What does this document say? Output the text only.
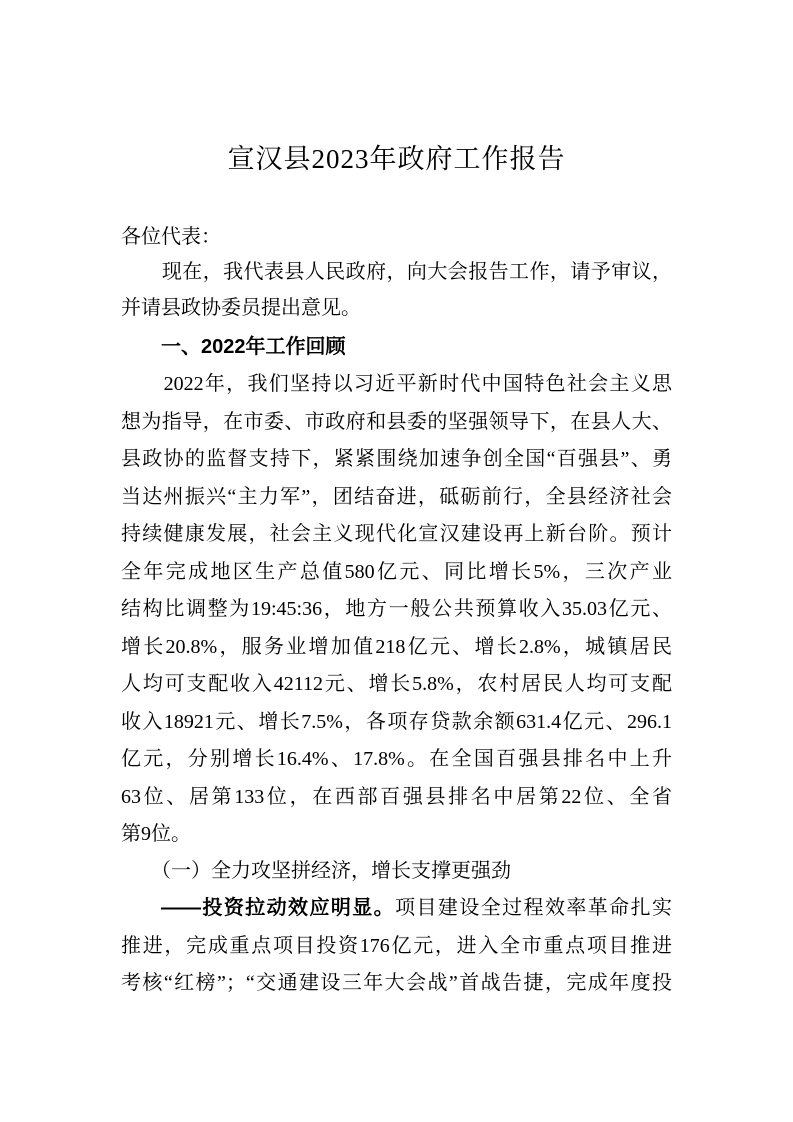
宣汉县2023年政府工作报告
各位代表：
　　现在，我代表县人民政府，向大会报告工作，请予审议，
并请县政协委员提出意见。
　　一、2022年工作回顾
　　2022年，我们坚持以习近平新时代中国特色社会主义思
想为指导，在市委、市政府和县委的坚强领导下，在县人大、
县政协的监督支持下，紧紧围绕加速争创全国“百强县”、勇
当达州振兴“主力军”，团结奋进，砥砺前行，全县经济社会
持续健康发展，社会主义现代化宣汉建设再上新台阶。预计
全年完成地区生产总值580亿元、同比增长5%，三次产业
结构比调整为19:45:36，地方一般公共预算收入35.03亿元、
增长20.8%，服务业增加值218亿元、增长2.8%，城镇居民
人均可支配收入42112元、增长5.8%，农村居民人均可支配
收入18921元、增长7.5%，各项存贷款余额631.4亿元、296.1
亿元，分别增长16.4%、17.8%。在全国百强县排名中上升
63位、居第133位，在西部百强县排名中居第22位、全省
第9位。
　　（一）全力攻坚拼经济，增长支撑更强劲
——投资拉动效应明显。项目建设全过程效率革命扎实
推进，完成重点项目投资176亿元，进入全市重点项目推进
考核“红榜”；“交通建设三年大会战”首战告捷，完成年度投
